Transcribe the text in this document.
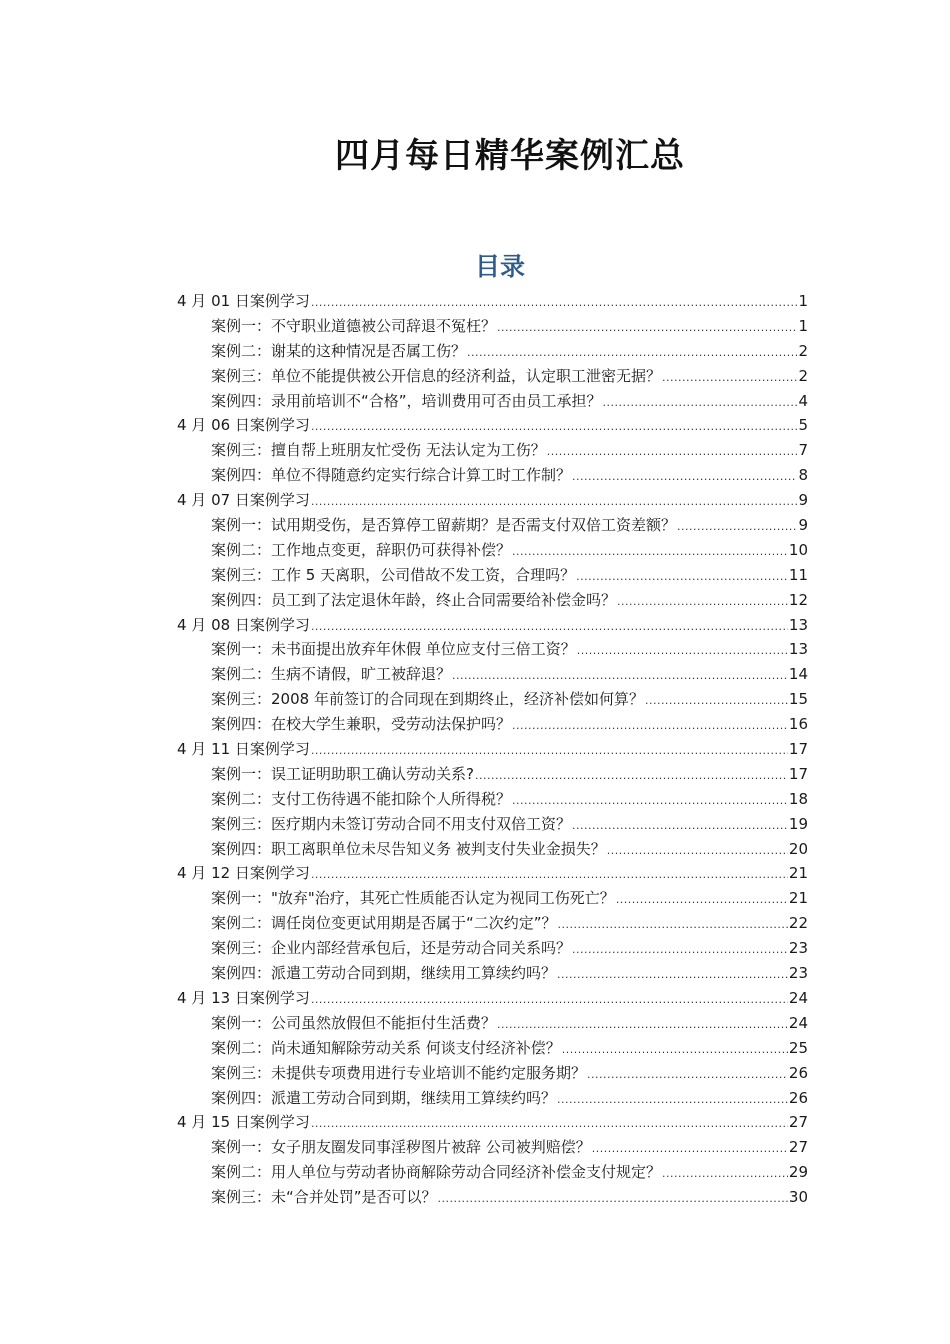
四月每日精华案例汇总
目录
4 月 01 日案例学习 .....	1
案例一：不守职业道德被公司辞退不冤枉？ .....	1
案例二：谢某的这种情况是否属工伤？ .....	2
案例三：单位不能提供被公开信息的经济利益，认定职工泄密无据？ .....	2
案例四：录用前培训不“合格”，培训费用可否由员工承担？ .....	4
4 月 06 日案例学习 .....	5
案例三：擅自帮上班朋友忙受伤 无法认定为工伤？ .....	7
案例四：单位不得随意约定实行综合计算工时工作制？ .....	8
4 月 07 日案例学习 .....	9
案例一：试用期受伤，是否算停工留薪期？是否需支付双倍工资差额？ .....	9
案例二：工作地点变更，辞职仍可获得补偿？ .....	10
案例三：工作 5 天离职，公司借故不发工资，合理吗？ .....	11
案例四：员工到了法定退休年龄，终止合同需要给补偿金吗？ .....	12
4 月 08 日案例学习 .....	13
案例一：未书面提出放弃年休假 单位应支付三倍工资？ .....	13
案例二：生病不请假，旷工被辞退？ .....	14
案例三：2008 年前签订的合同现在到期终止，经济补偿如何算？ .....	15
案例四：在校大学生兼职，受劳动法保护吗？ .....	16
4 月 11 日案例学习 .....	17
案例一：误工证明助职工确认劳动关系? .....	17
案例二：支付工伤待遇不能扣除个人所得税？ .....	18
案例三：医疗期内未签订劳动合同不用支付双倍工资？ .....	19
案例四：职工离职单位未尽告知义务 被判支付失业金损失？ .....	20
4 月 12 日案例学习 .....	21
案例一："放弃"治疗，其死亡性质能否认定为视同工伤死亡？ .....	21
案例二：调任岗位变更试用期是否属于“二次约定”？ .....	22
案例三：企业内部经营承包后，还是劳动合同关系吗？ .....	23
案例四：派遣工劳动合同到期，继续用工算续约吗？ .....	23
4 月 13 日案例学习 .....	24
案例一：公司虽然放假但不能拒付生活费？ .....	24
案例二：尚未通知解除劳动关系 何谈支付经济补偿？ .....	25
案例三：未提供专项费用进行专业培训不能约定服务期？ .....	26
案例四：派遣工劳动合同到期，继续用工算续约吗？ .....	26
4 月 15 日案例学习 .....	27
案例一：女子朋友圈发同事淫秽图片被辞 公司被判赔偿？ .....	27
案例二：用人单位与劳动者协商解除劳动合同经济补偿金支付规定？ .....	29
案例三：未“合并处罚”是否可以？ .....	30
